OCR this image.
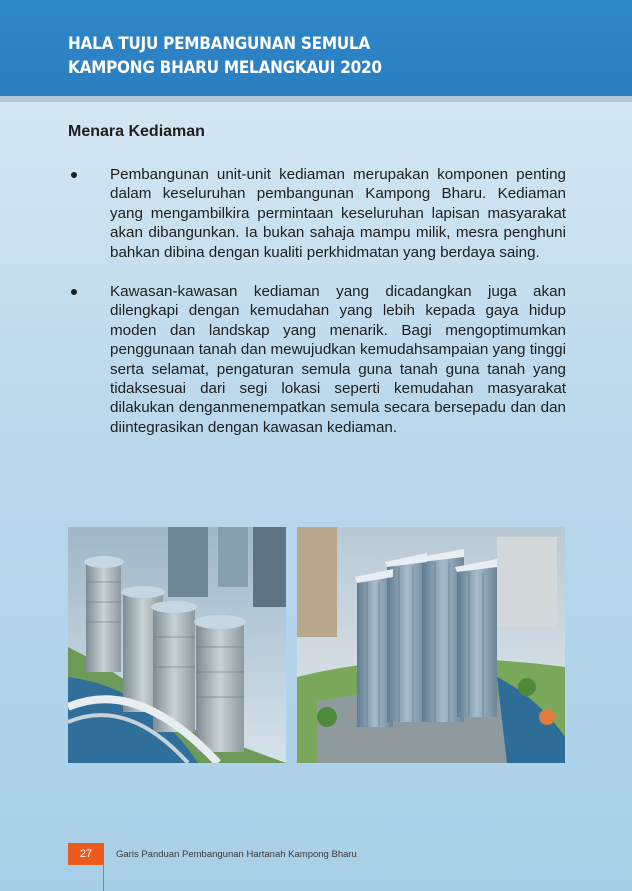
HALA TUJU PEMBANGUNAN SEMULA
KAMPONG BHARU MELANGKAUI 2020
Menara Kediaman

Pembangunan unit-unit kediaman merupakan komponen penting dalam keseluruhan pembangunan Kampong Bharu. Kediaman yang mengambilkira permintaan keseluruhan lapisan masyarakat akan dibangunkan. Ia bukan sahaja mampu milik, mesra penghuni bahkan dibina dengan kualiti perkhidmatan yang berdaya saing.

Kawasan-kawasan kediaman yang dicadangkan juga akan dilengkapi dengan kemudahan yang lebih kepada gaya hidup moden dan landskap yang menarik. Bagi mengoptimumkan penggunaan tanah dan mewujudkan kemudahsampaian yang tinggi serta selamat, pengaturan semula guna tanah guna tanah yang tidaksesuai dari segi lokasi seperti kemudahan masyarakat dilakukan denganmenempatkan semula secara bersepadu dan dan diintegrasikan dengan kawasan kediaman.

27	Garis Panduan Pembangunan Hartanah Kampong Bharu
